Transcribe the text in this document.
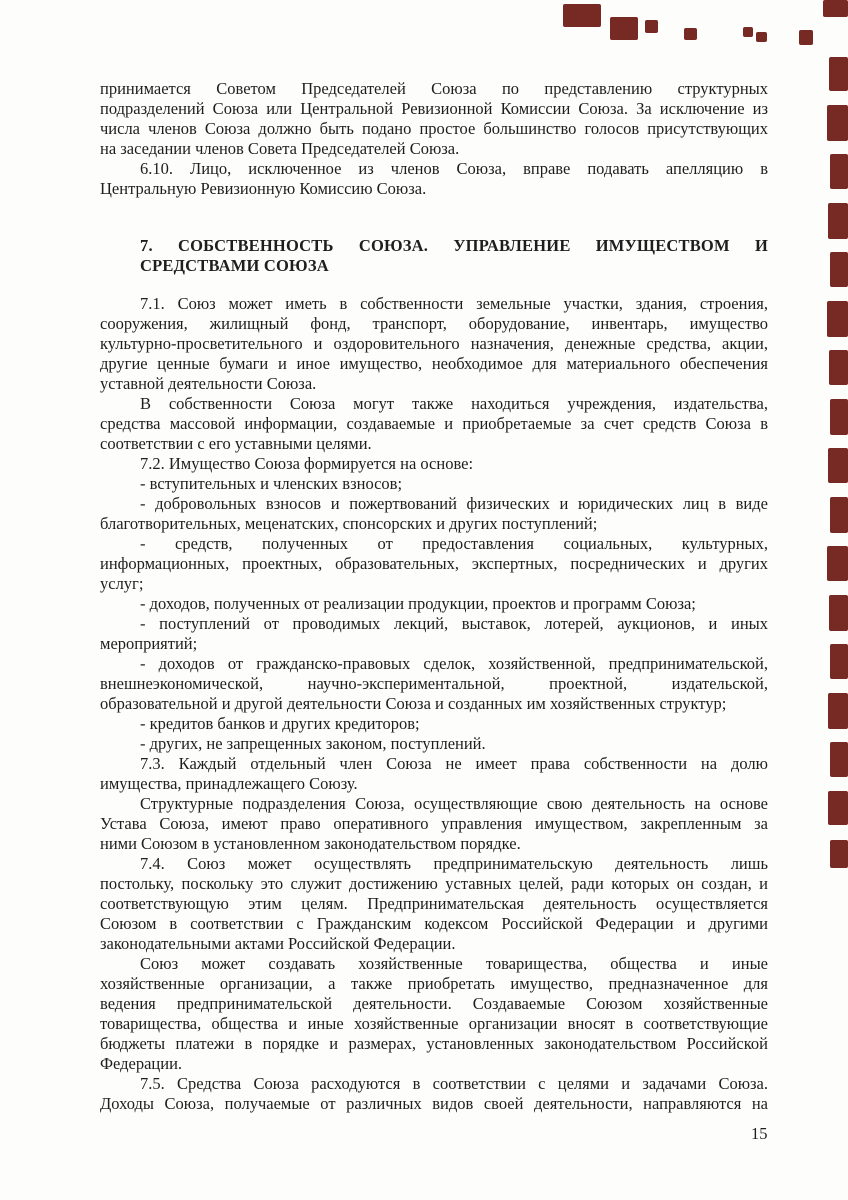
принимается Советом Председателей Союза по представлению структурных
подразделений Союза или Центральной Ревизионной Комиссии Союза. За исключение из
числа членов Союза должно быть подано простое большинство голосов присутствующих
на заседании членов Совета Председателей Союза.
6.10. Лицо, исключенное из членов Союза, вправе подавать апелляцию в
Центральную Ревизионную Комиссию Союза.
7. СОБСТВЕННОСТЬ СОЮЗА. УПРАВЛЕНИЕ ИМУЩЕСТВОМ И
СРЕДСТВАМИ СОЮЗА
7.1. Союз может иметь в собственности земельные участки, здания, строения,
сооружения, жилищный фонд, транспорт, оборудование, инвентарь, имущество
культурно-просветительного и оздоровительного назначения, денежные средства, акции,
другие ценные бумаги и иное имущество, необходимое для материального обеспечения
уставной деятельности Союза.
В собственности Союза могут также находиться учреждения, издательства,
средства массовой информации, создаваемые и приобретаемые за счет средств Союза в
соответствии с его уставными целями.
7.2. Имущество Союза формируется на основе:
- вступительных и членских взносов;
- добровольных взносов и пожертвований физических и юридических лиц в виде
благотворительных, меценатских, спонсорских и других поступлений;
- средств, полученных от предоставления социальных, культурных,
информационных, проектных, образовательных, экспертных, посреднических и других
услуг;
- доходов, полученных от реализации продукции, проектов и программ Союза;
- поступлений от проводимых лекций, выставок, лотерей, аукционов, и иных
мероприятий;
- доходов от гражданско-правовых сделок, хозяйственной, предпринимательской,
внешнеэкономической, научно-экспериментальной, проектной, издательской,
образовательной и другой деятельности Союза и созданных им хозяйственных структур;
- кредитов банков и других кредиторов;
- других, не запрещенных законом, поступлений.
7.3. Каждый отдельный член Союза не имеет права собственности на долю
имущества, принадлежащего Союзу.
Структурные подразделения Союза, осуществляющие свою деятельность на основе
Устава Союза, имеют право оперативного управления имуществом, закрепленным за
ними Союзом в установленном законодательством порядке.
7.4. Союз может осуществлять предпринимательскую деятельность лишь
постольку, поскольку это служит достижению уставных целей, ради которых он создан, и
соответствующую этим целям. Предпринимательская деятельность осуществляется
Союзом в соответствии с Гражданским кодексом Российской Федерации и другими
законодательными актами Российской Федерации.
Союз может создавать хозяйственные товарищества, общества и иные
хозяйственные организации, а также приобретать имущество, предназначенное для
ведения предпринимательской деятельности. Создаваемые Союзом хозяйственные
товарищества, общества и иные хозяйственные организации вносят в соответствующие
бюджеты платежи в порядке и размерах, установленных законодательством Российской
Федерации.
7.5. Средства Союза расходуются в соответствии с целями и задачами Союза.
Доходы Союза, получаемые от различных видов своей деятельности, направляются на
15
